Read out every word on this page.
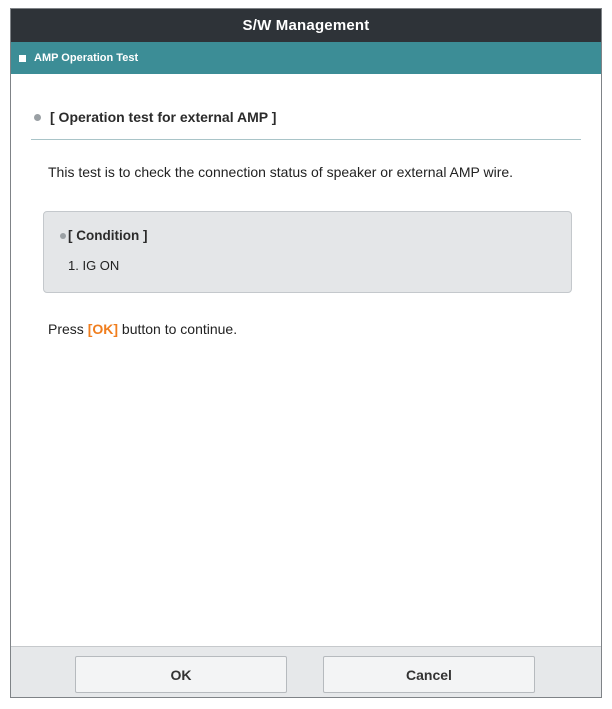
S/W Management
AMP Operation Test
[ Operation test for external AMP ]
This test is to check the connection status of speaker or external AMP wire.
[ Condition ]
1. IG ON
Press [OK] button to continue.
OK	Cancel
